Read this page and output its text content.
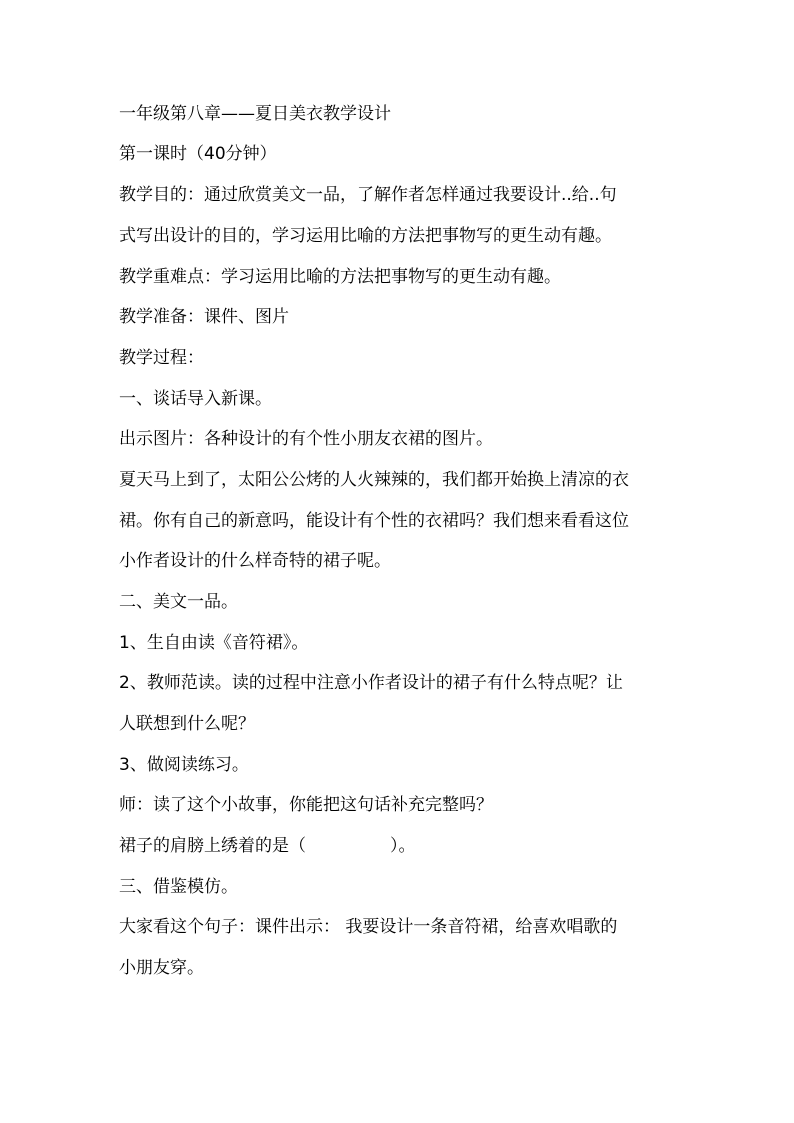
一年级第八章——夏日美衣教学设计

第一课时（40分钟）

教学目的：通过欣赏美文一品，了解作者怎样通过我要设计..给..句

式写出设计的目的，学习运用比喻的方法把事物写的更生动有趣。

教学重难点：学习运用比喻的方法把事物写的更生动有趣。

教学准备：课件、图片

教学过程：

一、谈话导入新课。

出示图片：各种设计的有个性小朋友衣裙的图片。

夏天马上到了，太阳公公烤的人火辣辣的，我们都开始换上清凉的衣

裙。你有自己的新意吗，能设计有个性的衣裙吗？我们想来看看这位

小作者设计的什么样奇特的裙子呢。

二、美文一品。

1、生自由读《音符裙》。

2、教师范读。读的过程中注意小作者设计的裙子有什么特点呢？让

人联想到什么呢？

3、做阅读练习。

师：读了这个小故事，你能把这句话补充完整吗？

裙子的肩膀上绣着的是（	）。

三、借鉴模仿。

大家看这个句子：课件出示： 我要设计一条音符裙，给喜欢唱歌的

小朋友穿。
